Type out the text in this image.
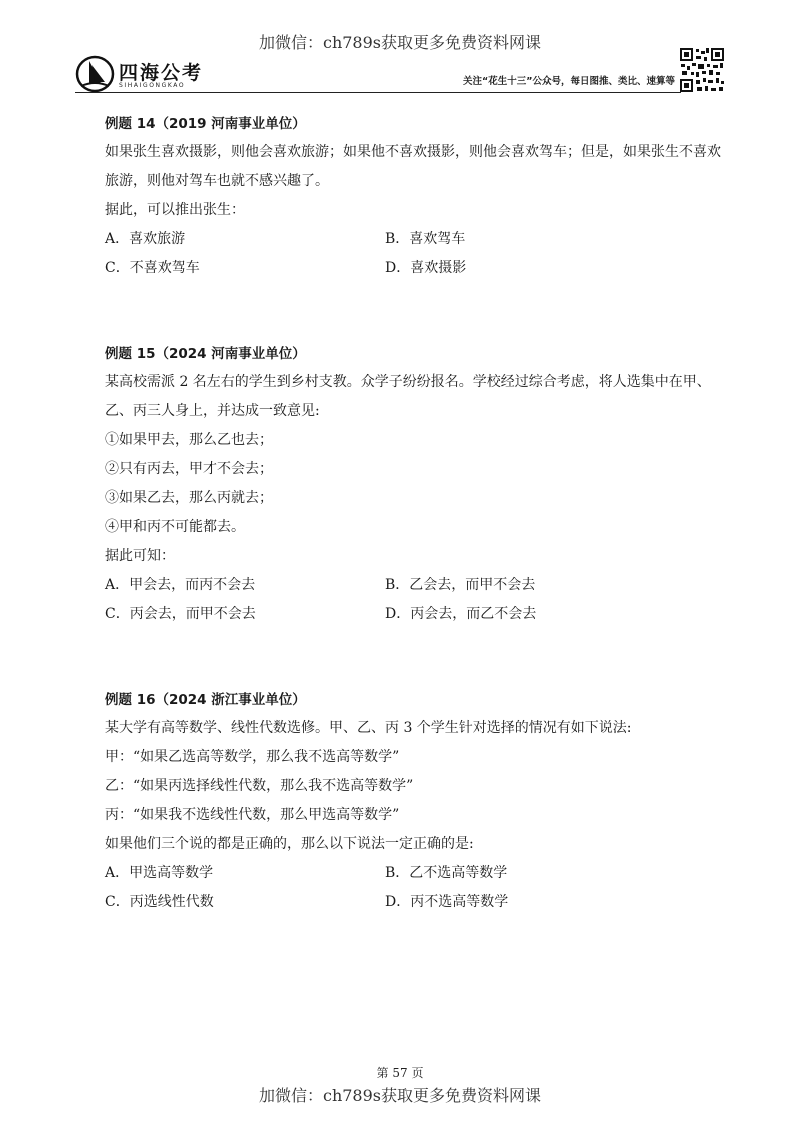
加微信：ch789s获取更多免费资料网课
四海公考
SIHAIGONGKAO	关注“花生十三”公众号，每日图推、类比、速算等
例题 14（2019 河南事业单位）
如果张生喜欢摄影，则他会喜欢旅游；如果他不喜欢摄影，则他会喜欢驾车；但是，如果张生不喜欢旅游，则他对驾车也就不感兴趣了。
据此，可以推出张生：
A．喜欢旅游	B．喜欢驾车
C．不喜欢驾车	D．喜欢摄影
例题 15（2024 河南事业单位）
某高校需派 2 名左右的学生到乡村支教。众学子纷纷报名。学校经过综合考虑，将人选集中在甲、乙、丙三人身上，并达成一致意见:
①如果甲去，那么乙也去；
②只有丙去，甲才不会去；
③如果乙去，那么丙就去；
④甲和丙不可能都去。
据此可知：
A．甲会去，而丙不会去	B．乙会去，而甲不会去
C．丙会去，而甲不会去	D．丙会去，而乙不会去
例题 16（2024 浙江事业单位）
某大学有高等数学、线性代数选修。甲、乙、丙 3 个学生针对选择的情况有如下说法:
甲：“如果乙选高等数学，那么我不选高等数学”
乙：“如果丙选择线性代数，那么我不选高等数学”
丙：“如果我不选线性代数，那么甲选高等数学”
如果他们三个说的都是正确的，那么以下说法一定正确的是:
A．甲选高等数学	B．乙不选高等数学
C．丙选线性代数	D．丙不选高等数学
第 57 页
加微信：ch789s获取更多免费资料网课
